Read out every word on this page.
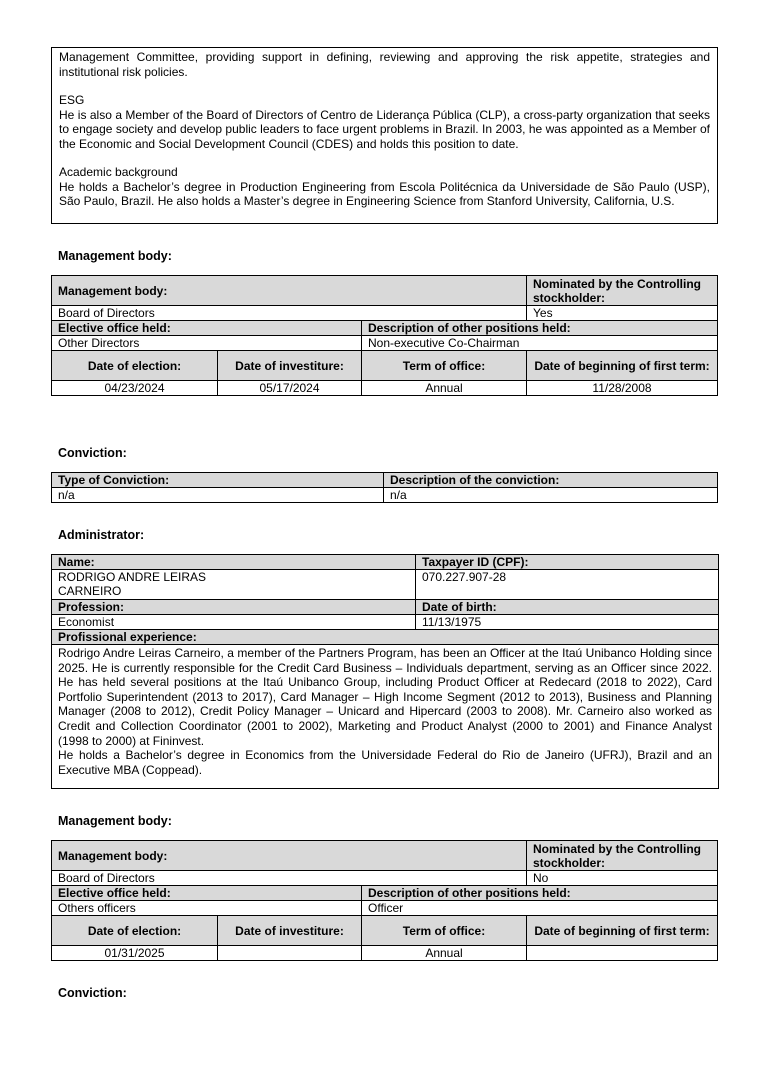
Management Committee, providing support in defining, reviewing and approving the risk appetite, strategies and institutional risk policies.

ESG

He is also a Member of the Board of Directors of Centro de Liderança Pública (CLP), a cross-party organization that seeks to engage society and develop public leaders to face urgent problems in Brazil. In 2003, he was appointed as a Member of the Economic and Social Development Council (CDES) and holds this position to date.

Academic background

He holds a Bachelor’s degree in Production Engineering from Escola Politécnica da Universidade de São Paulo (USP), São Paulo, Brazil. He also holds a Master’s degree in Engineering Science from Stanford University, California, U.S.

Management body:
Management body:			Nominated by the Controlling stockholder:
Board of Directors			Yes
Elective office held:		Description of other positions held:	
Other Directors		Non-executive Co-Chairman	
Date of election:	Date of investiture:	Term of office:	Date of beginning of first term:
04/23/2024	05/17/2024	Annual	11/28/2008
Conviction:
Type of Conviction:	Description of the conviction:
n/a	n/a
Administrator:
Name:	Taxpayer ID (CPF):

RODRIGO ANDRE LEIRAS
CARNEIRO	070.227.907-28
Profession:	Date of birth:
Economist	11/13/1975
Profissional experience:	

Rodrigo Andre Leiras Carneiro, a member of the Partners Program, has been an Officer at the Itaú Unibanco Holding since 2025. He is currently responsible for the Credit Card Business – Individuals department, serving as an Officer since 2022. He has held several positions at the Itaú Unibanco Group, including Product Officer at Redecard (2018 to 2022), Card Portfolio Superintendent (2013 to 2017), Card Manager – High Income Segment (2012 to 2013), Business and Planning Manager (2008 to 2012), Credit Policy Manager – Unicard and Hipercard (2003 to 2008). Mr. Carneiro also worked as Credit and Collection Coordinator (2001 to 2002), Marketing and Product Analyst (2000 to 2001) and Finance Analyst (1998 to 2000) at Fininvest.
He holds a Bachelor’s degree in Economics from the Universidade Federal do Rio de Janeiro (UFRJ), Brazil and an Executive MBA (Coppead).	
Management body:
Management body:			Nominated by the Controlling stockholder:
Board of Directors			No
Elective office held:		Description of other positions held:	
Others officers		Officer	
Date of election:	Date of investiture:	Term of office:	Date of beginning of first term:
01/31/2025		Annual	
Conviction:
